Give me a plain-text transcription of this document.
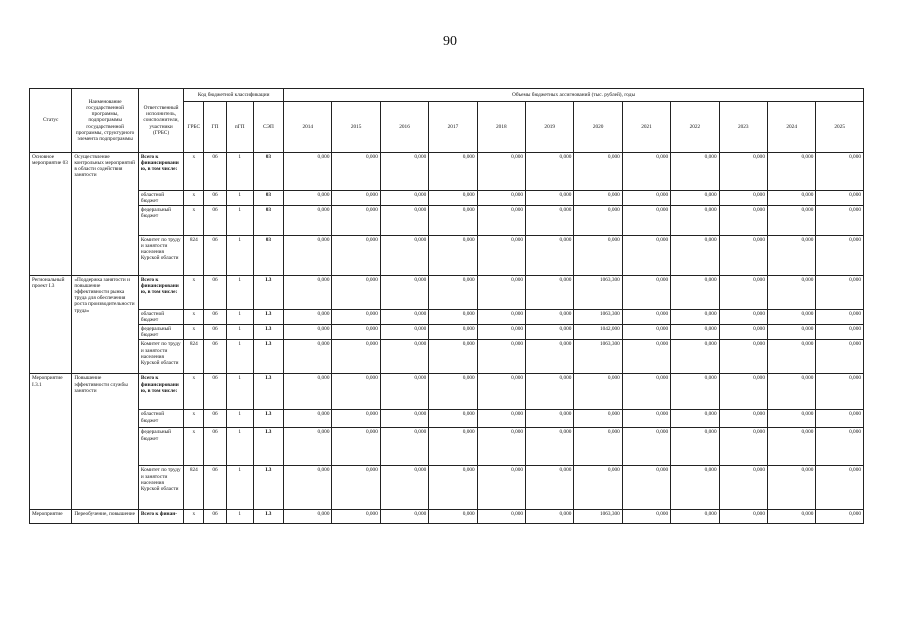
90
Статус	Наименование государственной программы, подпрограммы государственной программы, структурного элемента подпрограммы	Ответственный исполнитель, соисполнители, участники (ГРБС)	Код бюджетной классификации				Объемы бюджетных ассигнований (тыс. рублей), годы											
			ГРБС	ГП	пГП	СЭП	2014	2015	2016	2017	2018	2019	2020	2021	2022	2023	2024	2025
Основное мероприятие 03	Осуществление контрольных мероприятий в области содействия занятости	Всего к финансированию, в том числе:	x	06	1	03	0,000	0,000	0,000	0,000	0,000	0,000	0,000	0,000	0,000	0,000	0,000	0,000
		областной бюджет	x	06	1	03	0,000	0,000	0,000	0,000	0,000	0,000	0,000	0,000	0,000	0,000	0,000	0,000
		федеральный бюджет	x	06	1	03	0,000	0,000	0,000	0,000	0,000	0,000	0,000	0,000	0,000	0,000	0,000	0,000
		Комитет по труду и занятости населения Курской области	824	06	1	03	0,000	0,000	0,000	0,000	0,000	0,000	0,000	0,000	0,000	0,000	0,000	0,000
Региональный проект I.3	«Поддержка занятости и повышение эффективности рынка труда для обеспечения роста производительности труда»	Всего к финансированию, в том числе:	x	06	1	I.3	0,000	0,000	0,000	0,000	0,000	0,000	1063,300	0,000	0,000	0,000	0,000	0,000
		областной бюджет	x	06	1	I.3	0,000	0,000	0,000	0,000	0,000	0,000	1063,300	0,000	0,000	0,000	0,000	0,000
		федеральный бюджет	x	06	1	I.3	0,000	0,000	0,000	0,000	0,000	0,000	1042,000	0,000	0,000	0,000	0,000	0,000
		Комитет по труду и занятости населения Курской области	824	06	1	I.3	0,000	0,000	0,000	0,000	0,000	0,000	1063,300	0,000	0,000	0,000	0,000	0,000
Мероприятие I.3.1	Повышение эффективности службы занятости	Всего к финансированию, в том числе:	x	06	1	I.3	0,000	0,000	0,000	0,000	0,000	0,000	0,000	0,000	0,000	0,000	0,000	0,000
		областной бюджет	x	06	1	I.3	0,000	0,000	0,000	0,000	0,000	0,000	0,000	0,000	0,000	0,000	0,000	0,000
		федеральный бюджет	x	06	1	I.3	0,000	0,000	0,000	0,000	0,000	0,000	0,000	0,000	0,000	0,000	0,000	0,000
		Комитет по труду и занятости населения Курской области	824	06	1	I.3	0,000	0,000	0,000	0,000	0,000	0,000	0,000	0,000	0,000	0,000	0,000	0,000
Мероприятие	Переобучение, повышение	Всего к финан-	x	06	1	I.3	0,000	0,000	0,000	0,000	0,000	0,000	1063,300	0,000	0,000	0,000	0,000	0,000
